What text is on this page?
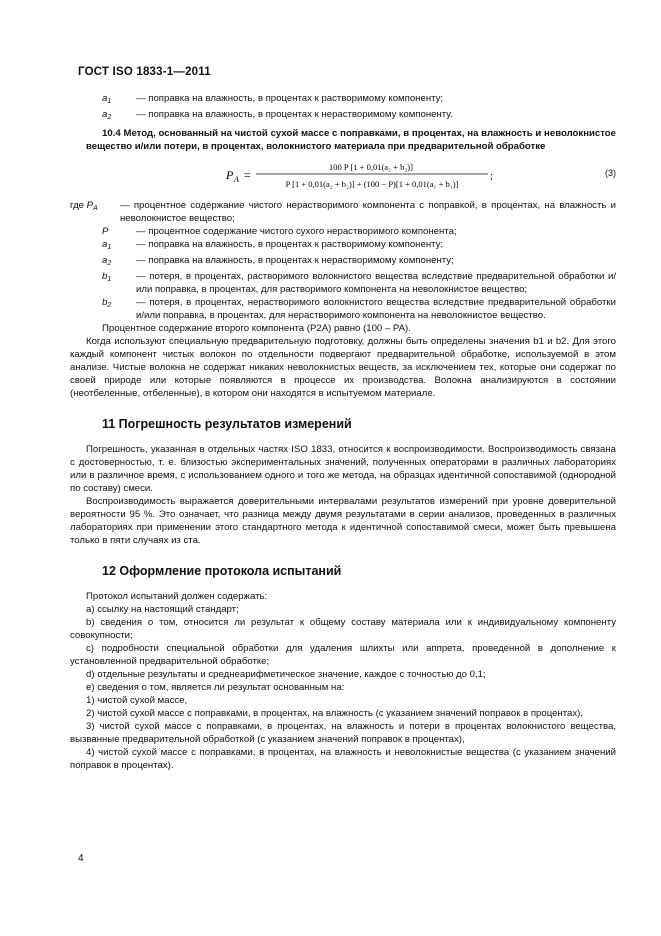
ГОСТ ISO 1833-1—2011
$a_1$	— поправка на влажность, в процентах к растворимому компоненту;
$a_2$	— поправка на влажность, в процентах к нерастворимому компоненту.
10.4 Метод, основанный на чистой сухой массе с поправками, в процентах, на влажность и неволокнистое вещество и/или потери, в процентах, волокнистого материала при предварительной обработке
P A =
100 P [1 + 0,01(a₂ + b₂)]
P [1 + 0,01(a₂ + b₂)] + (100 − P)[1 + 0,01(a₁ + b₁)]
;	(3)
где $P_A$	— процентное содержание чистого нерастворимого компонента с поправкой, в процентах, на влажность и неволокнистое вещество;
P	— процентное содержание чистого сухого нерастворимого компонента;
$a_1$	— поправка на влажность, в процентах к растворимому компоненту;
$a_2$	— поправка на влажность, в процентах к нерастворимому компоненту;
$b_1$	— потеря, в процентах, растворимого волокнистого вещества вследствие предварительной обработки и/или поправка, в процентах, для растворимого компонента на неволокнистое вещество;
$b_2$	— потеря, в процентах, нерастворимого волокнистого вещества вследствие предварительной обработки и/или поправка, в процентах, для нерастворимого компонента на неволокнистое вещество.
Процентное содержание второго компонента (P2A) равно (100 – PA).
Когда используют специальную предварительную подготовку, должны быть определены значения b1 и b2. Для этого каждый компонент чистых волокон по отдельности подвергают предварительной обработке, используемой в этом анализе. Чистые волокна не содержат никаких неволокнистых веществ, за исключением тех, которые они содержат по своей природе или которые появляются в процессе их производства. Волокна анализируются в состоянии (неотбеленные, отбеленные), в котором они находятся в испытуемом материале.
11 Погрешность результатов измерений
Погрешность, указанная в отдельных частях ISO 1833, относится к воспроизводимости. Воспроизводимость связана с достоверностью, т. е. близостью экспериментальных значений, полученных операторами в различных лабораториях или в различное время, с использованием одного и того же метода, на образцах идентичной сопоставимой (однородной по составу) смеси.
Воспроизводимость выражается доверительными интервалами результатов измерений при уровне доверительной вероятности 95 %. Это означает, что разница между двумя результатами в серии анализов, проведенных в различных лабораториях при применении этого стандартного метода к идентичной сопоставимой смеси, может быть превышена только в пяти случаях из ста.
12 Оформление протокола испытаний
Протокол испытаний должен содержать:
a) ссылку на настоящий стандарт;
b) сведения о том, относится ли результат к общему составу материала или к индивидуальному компоненту совокупности;
c) подробности специальной обработки для удаления шлихты или аппрета, проведенной в дополнение к установленной предварительной обработке;
d) отдельные результаты и среднеарифметическое значение, каждое с точностью до 0,1;
e) сведения о том, является ли результат основанным на:
1) чистой сухой массе,
2) чистой сухой массе с поправками, в процентах, на влажность (с указанием значений поправок в процентах),
3) чистой сухой массе с поправками, в процентах, на влажность и потери в процентах волокнистого вещества, вызванные предварительной обработкой (с указанием значений поправок в процентах),
4) чистой сухой массе с поправками, в процентах, на влажность и неволокнистые вещества (с указанием значений поправок в процентах).
4
